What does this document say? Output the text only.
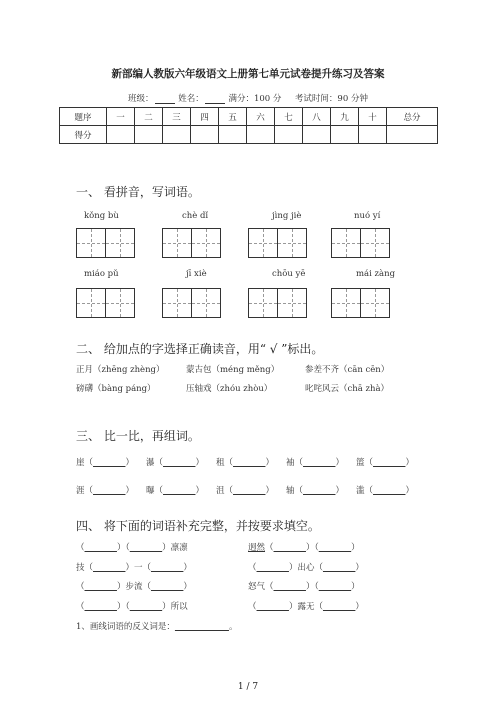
新部编人教版六年级语文上册第七单元试卷提升练习及答案
班级：	姓名：	满分：100 分 考试时间：90 分钟
题序	一	二	三	四	五	六	七	八	九	十	总分
得分											
一、 看拼音，写词语。
kǒng bù	chè dǐ	jìng jiè	nuó yí
miáo pǔ	jī xiè	chōu yē	mái zàng
二、 给加点的字选择正确读音，用“ √ ”标出。
正月（zhēng zhèng）	蒙古包（méng měng）	参差不齐（cān cēn）
磅礴（bàng páng）	压轴戏（zhóu zhòu）	叱咤风云（chā zhà）
三、 比一比，再组词。
崖（	） 瀑（	） 租（	） 袖（	） 篮（	）
涯（	） 曝（	） 沮（	） 轴（	） 滥（	）
四、 将下面的词语补充完整，并按要求填空。
（	）（	）凛凛	迥然（	）（	）
技（	）一（	）	（	）出心（	）
（	）步流（	）	怒气（	）（	）
（	）（	）所以	（	）露无（	）
1、画线词语的反义词是：	。
1 / 7
